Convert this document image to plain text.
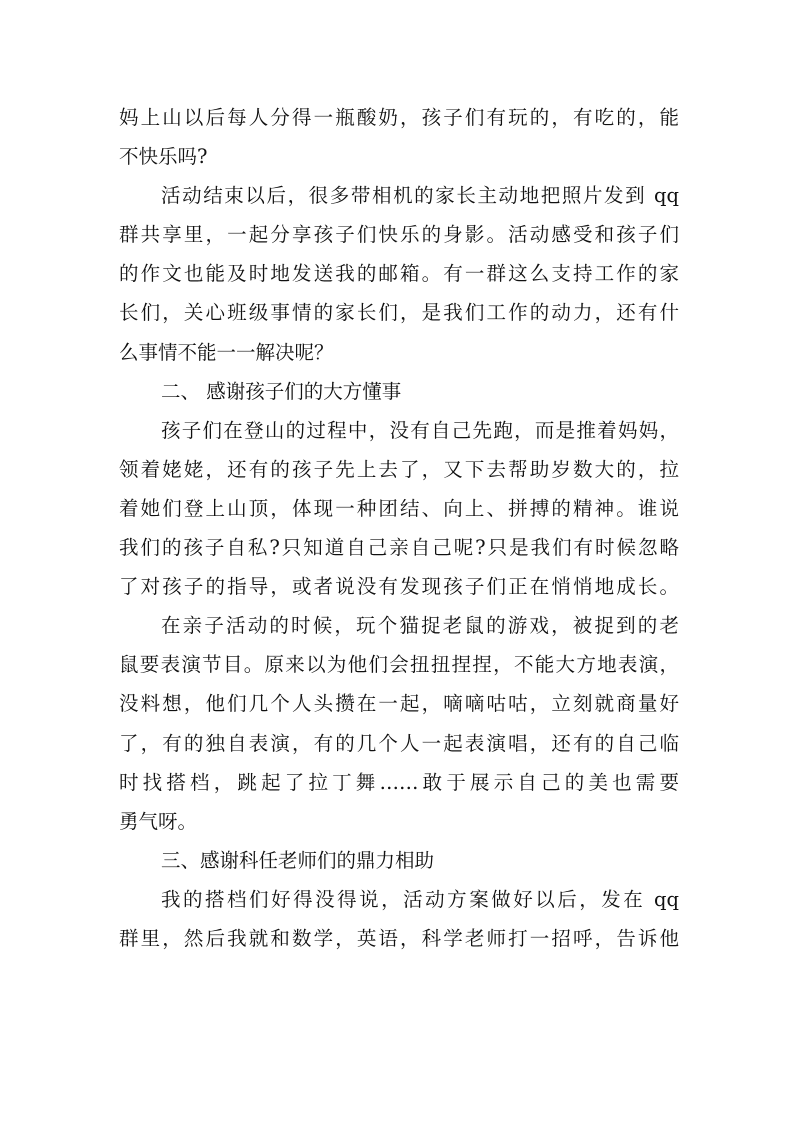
妈上山以后每人分得一瓶酸奶，孩子们有玩的，有吃的，能
不快乐吗?
活动结束以后，很多带相机的家长主动地把照片发到 qq
群共享里，一起分享孩子们快乐的身影。活动感受和孩子们
的作文也能及时地发送我的邮箱。有一群这么支持工作的家
长们，关心班级事情的家长们，是我们工作的动力，还有什
么事情不能一一解决呢？
二、 感谢孩子们的大方懂事
孩子们在登山的过程中，没有自己先跑，而是推着妈妈，
领着姥姥，还有的孩子先上去了，又下去帮助岁数大的，拉
着她们登上山顶，体现一种团结、向上、拼搏的精神。谁说
我们的孩子自私?只知道自己亲自己呢?只是我们有时候忽略
了对孩子的指导，或者说没有发现孩子们正在悄悄地成长。
在亲子活动的时候，玩个猫捉老鼠的游戏，被捉到的老
鼠要表演节目。原来以为他们会扭扭捏捏，不能大方地表演，
没料想，他们几个人头攒在一起，嘀嘀咕咕，立刻就商量好
了，有的独自表演，有的几个人一起表演唱，还有的自己临
时找搭档，跳起了拉丁舞……敢于展示自己的美也需要
勇气呀。
三、感谢科任老师们的鼎力相助
我的搭档们好得没得说，活动方案做好以后，发在 qq
群里，然后我就和数学，英语，科学老师打一招呼，告诉他
